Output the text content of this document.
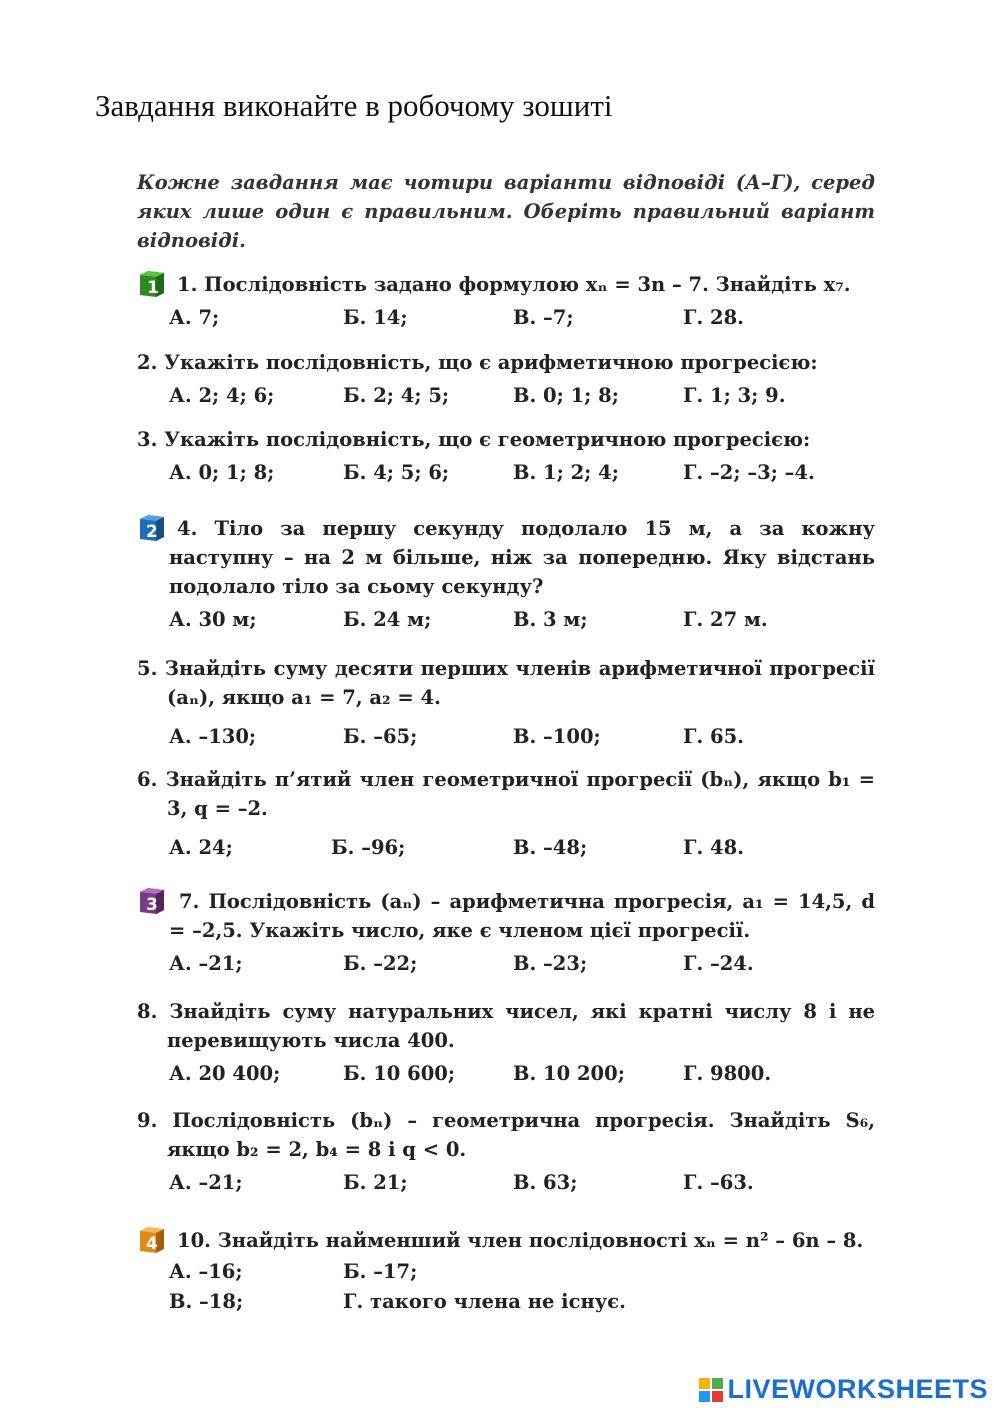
Завдання виконайте в робочому зошиті
Кожне завдання має чотири варіанти відповіді (А–Г), серед яких лише один є правильним. Оберіть правильний варіант відповіді.
1
2
3
4
1. Послідовність задано формулою xₙ = 3n – 7. Знайдіть x₇.
А. 7;	Б. 14;	В. –7;	Г. 28.
2. Укажіть послідовність, що є арифметичною прогресією:
А. 2; 4; 6;	Б. 2; 4; 5;	В. 0; 1; 8;	Г. 1; 3; 9.
3. Укажіть послідовність, що є геометричною прогресією:
А. 0; 1; 8;	Б. 4; 5; 6;	В. 1; 2; 4;	Г. –2; –3; –4.
4. Тіло за першу секунду подолало 15 м, а за кожну наступну – на 2 м більше, ніж за попередню. Яку відстань подолало тіло за сьому секунду?
А. 30 м;	Б. 24 м;	В. 3 м;	Г. 27 м.
5. Знайдіть суму десяти перших членів арифметичної прогресії (aₙ), якщо a₁ = 7, a₂ = 4.
А. –130;	Б. –65;	В. –100;	Г. 65.
6. Знайдіть п’ятий член геометричної прогресії (bₙ), якщо b₁ = 3, q = –2.
А. 24;	Б. –96;	В. –48;	Г. 48.
7. Послідовність (aₙ) – арифметична прогресія, a₁ = 14,5, d = –2,5. Укажіть число, яке є членом цієї прогресії.
А. –21;	Б. –22;	В. –23;	Г. –24.
8. Знайдіть суму натуральних чисел, які кратні числу 8 і не перевищують числа 400.
А. 20 400;	Б. 10 600;	В. 10 200;	Г. 9800.
9. Послідовність (bₙ) – геометрична прогресія. Знайдіть S₆, якщо b₂ = 2, b₄ = 8 і q < 0.
А. –21;	Б. 21;	В. 63;	Г. –63.
10. Знайдіть найменший член послідовності xₙ = n² – 6n – 8.
А. –16;	Б. –17;
В. –18;	Г. такого члена не існує.
LIVEWORKSHEETS
